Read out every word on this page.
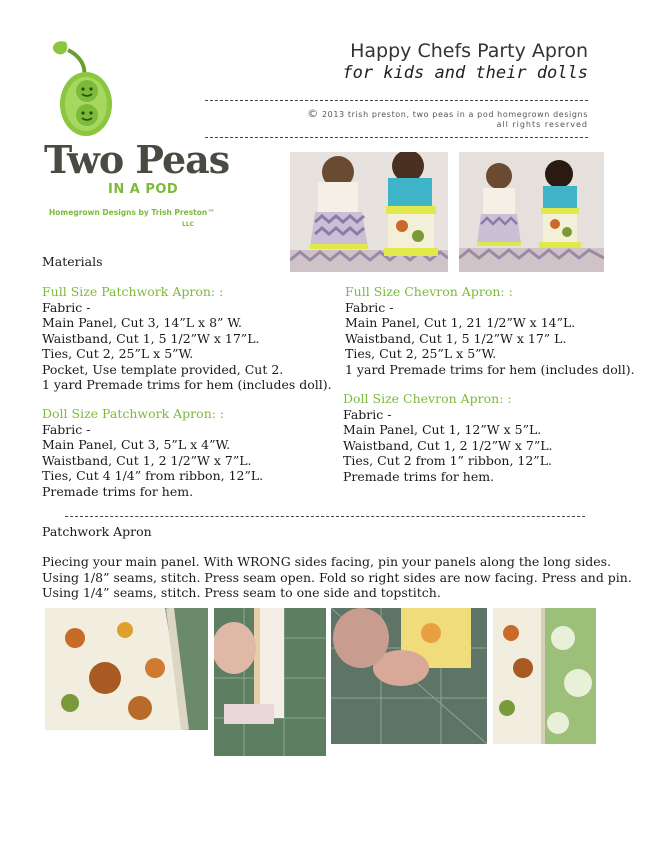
Two Peas
IN A POD
Homegrown Designs by Trish Preston™
LLC
Happy Chefs Party Apron
for kids and their dolls
© 2013 trish preston, two peas in a pod homegrown designs
all rights reserved
Materials
Full Size Patchwork Apron: :
Fabric -
Main Panel, Cut 3, 14”L x 8” W.
Waistband, Cut 1, 5 1/2”W x 17”L.
Ties, Cut 2, 25”L x 5”W.
Pocket, Use template provided, Cut 2.
1 yard Premade trims for hem (includes doll).
Doll Size Patchwork Apron: :
Fabric -
Main Panel, Cut 3, 5”L x 4”W.
Waistband, Cut 1, 2 1/2”W x 7”L.
Ties, Cut 4 1/4” from ribbon, 12”L.
Premade trims for hem.
Full Size Chevron Apron: :
Fabric -
Main Panel, Cut 1, 21 1/2”W x 14”L.
Waistband, Cut 1, 5 1/2”W x 17” L.
Ties, Cut 2, 25”L x 5”W.
1 yard Premade trims for hem (includes doll).
Doll Size Chevron Apron: :
Fabric -
Main Panel, Cut 1, 12”W x 5”L.
Waistband, Cut 1, 2 1/2”W x 7”L.
Ties, Cut 2 from 1” ribbon, 12”L.
Premade trims for hem.
Patchwork Apron
Piecing your main panel. With WRONG sides facing, pin your panels along the long sides.
Using 1/8” seams, stitch. Press seam open. Fold so right sides are now facing. Press and pin.
Using 1/4” seams, stitch. Press seam to one side and topstitch.
